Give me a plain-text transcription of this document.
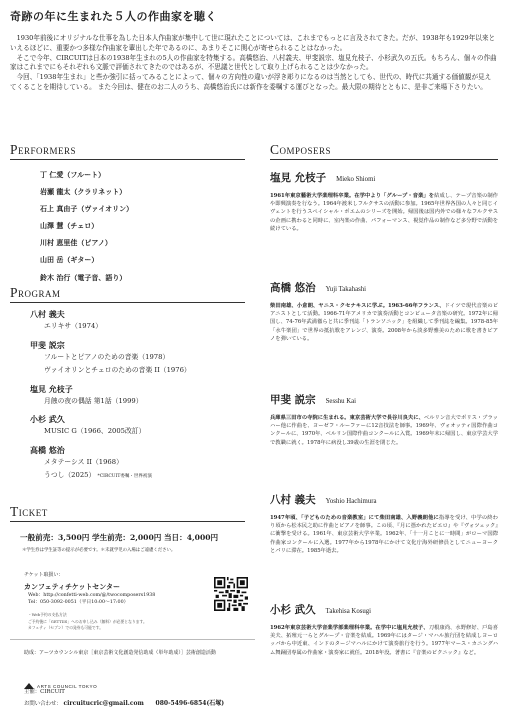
奇跡の年に生まれた５人の作曲家を聴く

1930年前後にオリジナルな仕事を為した日本人作曲家が集中して世に現れたことについては、これまでもっとに言及されてきた。だが、1938年も1929年以来といえるほどに、重要かつ多様な作曲家を輩出した年であるのに、あまりそこに関心が寄せられることはなかった。

そこで今年、CIRCUITは日本の1938年生まれの5人の作曲家を特集する。高橋悠治、八村義夫、甲斐説宗、塩見允枝子、小杉武久の五氏。もちろん、個々の作曲家はこれまでにもそれぞれも文脈で評価されてきたのではあるが、不思議と世代として取り上げられることは少なかった。

今回、「1938年生まれ」と些か強引に括ってみることによって、個々の方向性の違いが浮き彫りになるのは当然としても、世代の、時代に共通する価値観が見えてくることを期待している。 また今回は、健在のお二人のうち、高橋悠治氏には新作を委嘱する運びとなった。最大限の期待とともに、是非ご来場下さりたい。

Performers
丁 仁愛（フルート）
岩瀬 龍太（クラリネット）
石上 真由子（ヴァイオリン）
山澤 慧（チェロ）
川村 恵里佳（ピアノ）
山田 岳（ギター）
鈴木 治行（電子音、語り）
Program
八村 義夫
エリキサ（1974）
甲斐 説宗
フルートとピアノのための音楽（1978）
ヴァイオリンとチェロのための音楽 II（1976）
塩見 允枝子
月蝕の夜の偶話 第1話（1999）
小杉 武久
MUSIC G（1966、2005改訂）
高橋 悠治
メタテーシス II（1968）
うつし（2025） *CIRCUIT委嘱・世界初演
Ticket
一般前売：3,500円 学生前売：2,000円 当日：4,000円
＊学生券は学生証等の提示が必要です。＊未就学児の入場はご遠慮ください。
チケット取扱い：
カンフェティチケットセンター
Web：http://confetti-web.com/@/twocomposers1938
Tel：050-3092-0051（平日10:00〜17:00）
・Web予約の支払方法
ご予約後に「GETTIIS」へのお申し込み（無料）が必要となります。
カフェティ（セブン）での発券も可能です。
助成：アーツカウンシル東京［東京芸術文化創造発信助成（単年助成）］芸術創造活動
ARTS COUNCIL TOKYO
主催：CIRCUIT
お問い合わせ： circuitucric@gmail.com 080-5496-6854(石塚)
Composers
塩見 允枝子 Mieko Shiomi
1961年東京藝術大学楽理科卒業。在学中より「グループ・音楽」を結成し、テープ音楽の制作や即興演奏を行なう。1964年渡米しフルクサスの活動に参加。1965年世界各国の人々と同じイヴェントを行うスペイシャル・ポエムのシリーズを開始。帰国後は国内外での様々なフルクサスの企画に携わると同時に、室内楽の作曲、パフォーマンス、視覚作品の制作など多分野で活動を続けている。
高橋 悠治 Yuji Takahashi
柴田南雄、小倉朗、ヤニス・クセナキスに学ぶ。1963-66年フランス、ドイツで現代音楽のピアニストとして活動。1966-71年アメリカで演奏活動とコンピュータ音楽の研究。1972年に帰国し、74-76年武満徹らと共に季刊誌「トランソニック」を組織して季刊誌を編集。1978-85年「水牛楽団」で世界の抵抗歌をアレンジ、演奏。2008年から淡多野雅美のために歌を書きピアノを弾いている。
甲斐 説宗 Sesshu Kai
兵庫県三田市の寺院に生まれる。東京芸術大学で長谷川良夫に、ベルリン音大でボリス・ブラッハー他に作曲を、ヨーゼフ・ルーファーに12音技法を師事。1969年、ヴォオッティ国際作曲コンクールに、1970年、ベルリン国際作曲コンクールに入賞。1969年末に帰国し、東京学芸大学で教職に就く。1978年に病没し39歳の生涯を閉じた。
八村 義夫 Yoshio Hachimura
1947年頃、「子どものための音楽教室」にて柴田南雄、入野義朗他に指導を受け、中学の終わり頃から松本民之助に作曲とピアノを師事。この頃、『月に憑かれたピエロ』や『ヴォツェック』に衝撃を受ける。1961年、東京芸術大学卒業。1962年、「十一月ことに一時間」がローマ国際作曲家コンクールに入選。1977年から1978年にかけて文化庁海外研修員としてニューヨークとパリに滞在。1985年逝去。
小杉 武久 Takehisa Kosugi
1962年東京芸術大学音楽学部楽理科卒業。在学中に塩見允枝子、刀根康尚、水野修好、戸島喜美夫、拓殖元一らとグループ・音楽を結成。1969年にはタージ・マハル旅行団を結成しヨーロッパから中近東、インドのタージマハルにかけて演奏旅行を行う。1977年マース・カニングハム舞踊団専属の作曲家・演奏家に就任。2018年没。著書に『音楽のピクニック』など。
